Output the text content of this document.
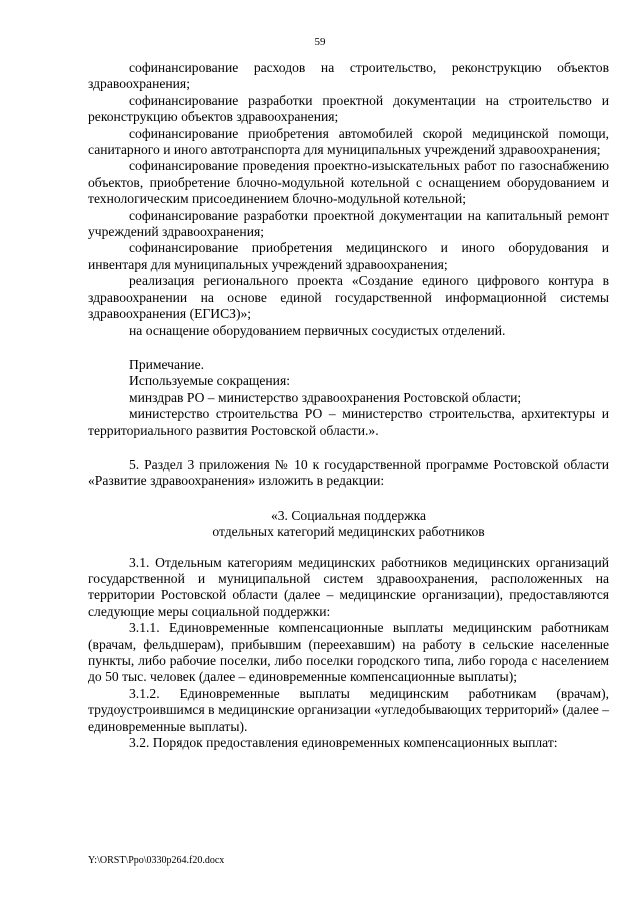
59

софинансирование расходов на строительство, реконструкцию объектов здравоохранения;

софинансирование разработки проектной документации на строительство и реконструкцию объектов здравоохранения;

софинансирование приобретения автомобилей скорой медицинской помощи, санитарного и иного автотранспорта для муниципальных учреждений здравоохранения;

софинансирование проведения проектно-изыскательных работ по газоснабжению объектов, приобретение блочно-модульной котельной с оснащением оборудованием и технологическим присоединением блочно-модульной котельной;

софинансирование разработки проектной документации на капитальный ремонт учреждений здравоохранения;

софинансирование приобретения медицинского и иного оборудования и инвентаря для муниципальных учреждений здравоохранения;

реализация регионального проекта «Создание единого цифрового контура в здравоохранении на основе единой государственной информационной системы здравоохранения (ЕГИСЗ)»;

на оснащение оборудованием первичных сосудистых отделений.

Примечание.

Используемые сокращения:

минздрав РО – министерство здравоохранения Ростовской области;

министерство строительства РО – министерство строительства, архитектуры и территориального развития Ростовской области.».

5. Раздел 3 приложения № 10 к государственной программе Ростовской области «Развитие здравоохранения» изложить в редакции:

«3. Социальная поддержка

отдельных категорий медицинских работников

3.1. Отдельным категориям медицинских работников медицинских организаций государственной и муниципальной систем здравоохранения, расположенных на территории Ростовской области (далее – медицинские организации), предоставляются следующие меры социальной поддержки:

3.1.1. Единовременные компенсационные выплаты медицинским работникам (врачам, фельдшерам), прибывшим (переехавшим) на работу в сельские населенные пункты, либо рабочие поселки, либо поселки городского типа, либо города с населением до 50 тыс. человек (далее – единовременные компенсационные выплаты);

3.1.2. Единовременные выплаты медицинским работникам (врачам), трудоустроившимся в медицинские организации «угледобывающих территорий» (далее – единовременные выплаты).

3.2. Порядок предоставления единовременных компенсационных выплат:

Y:\ORST\Ppo\0330p264.f20.docx
